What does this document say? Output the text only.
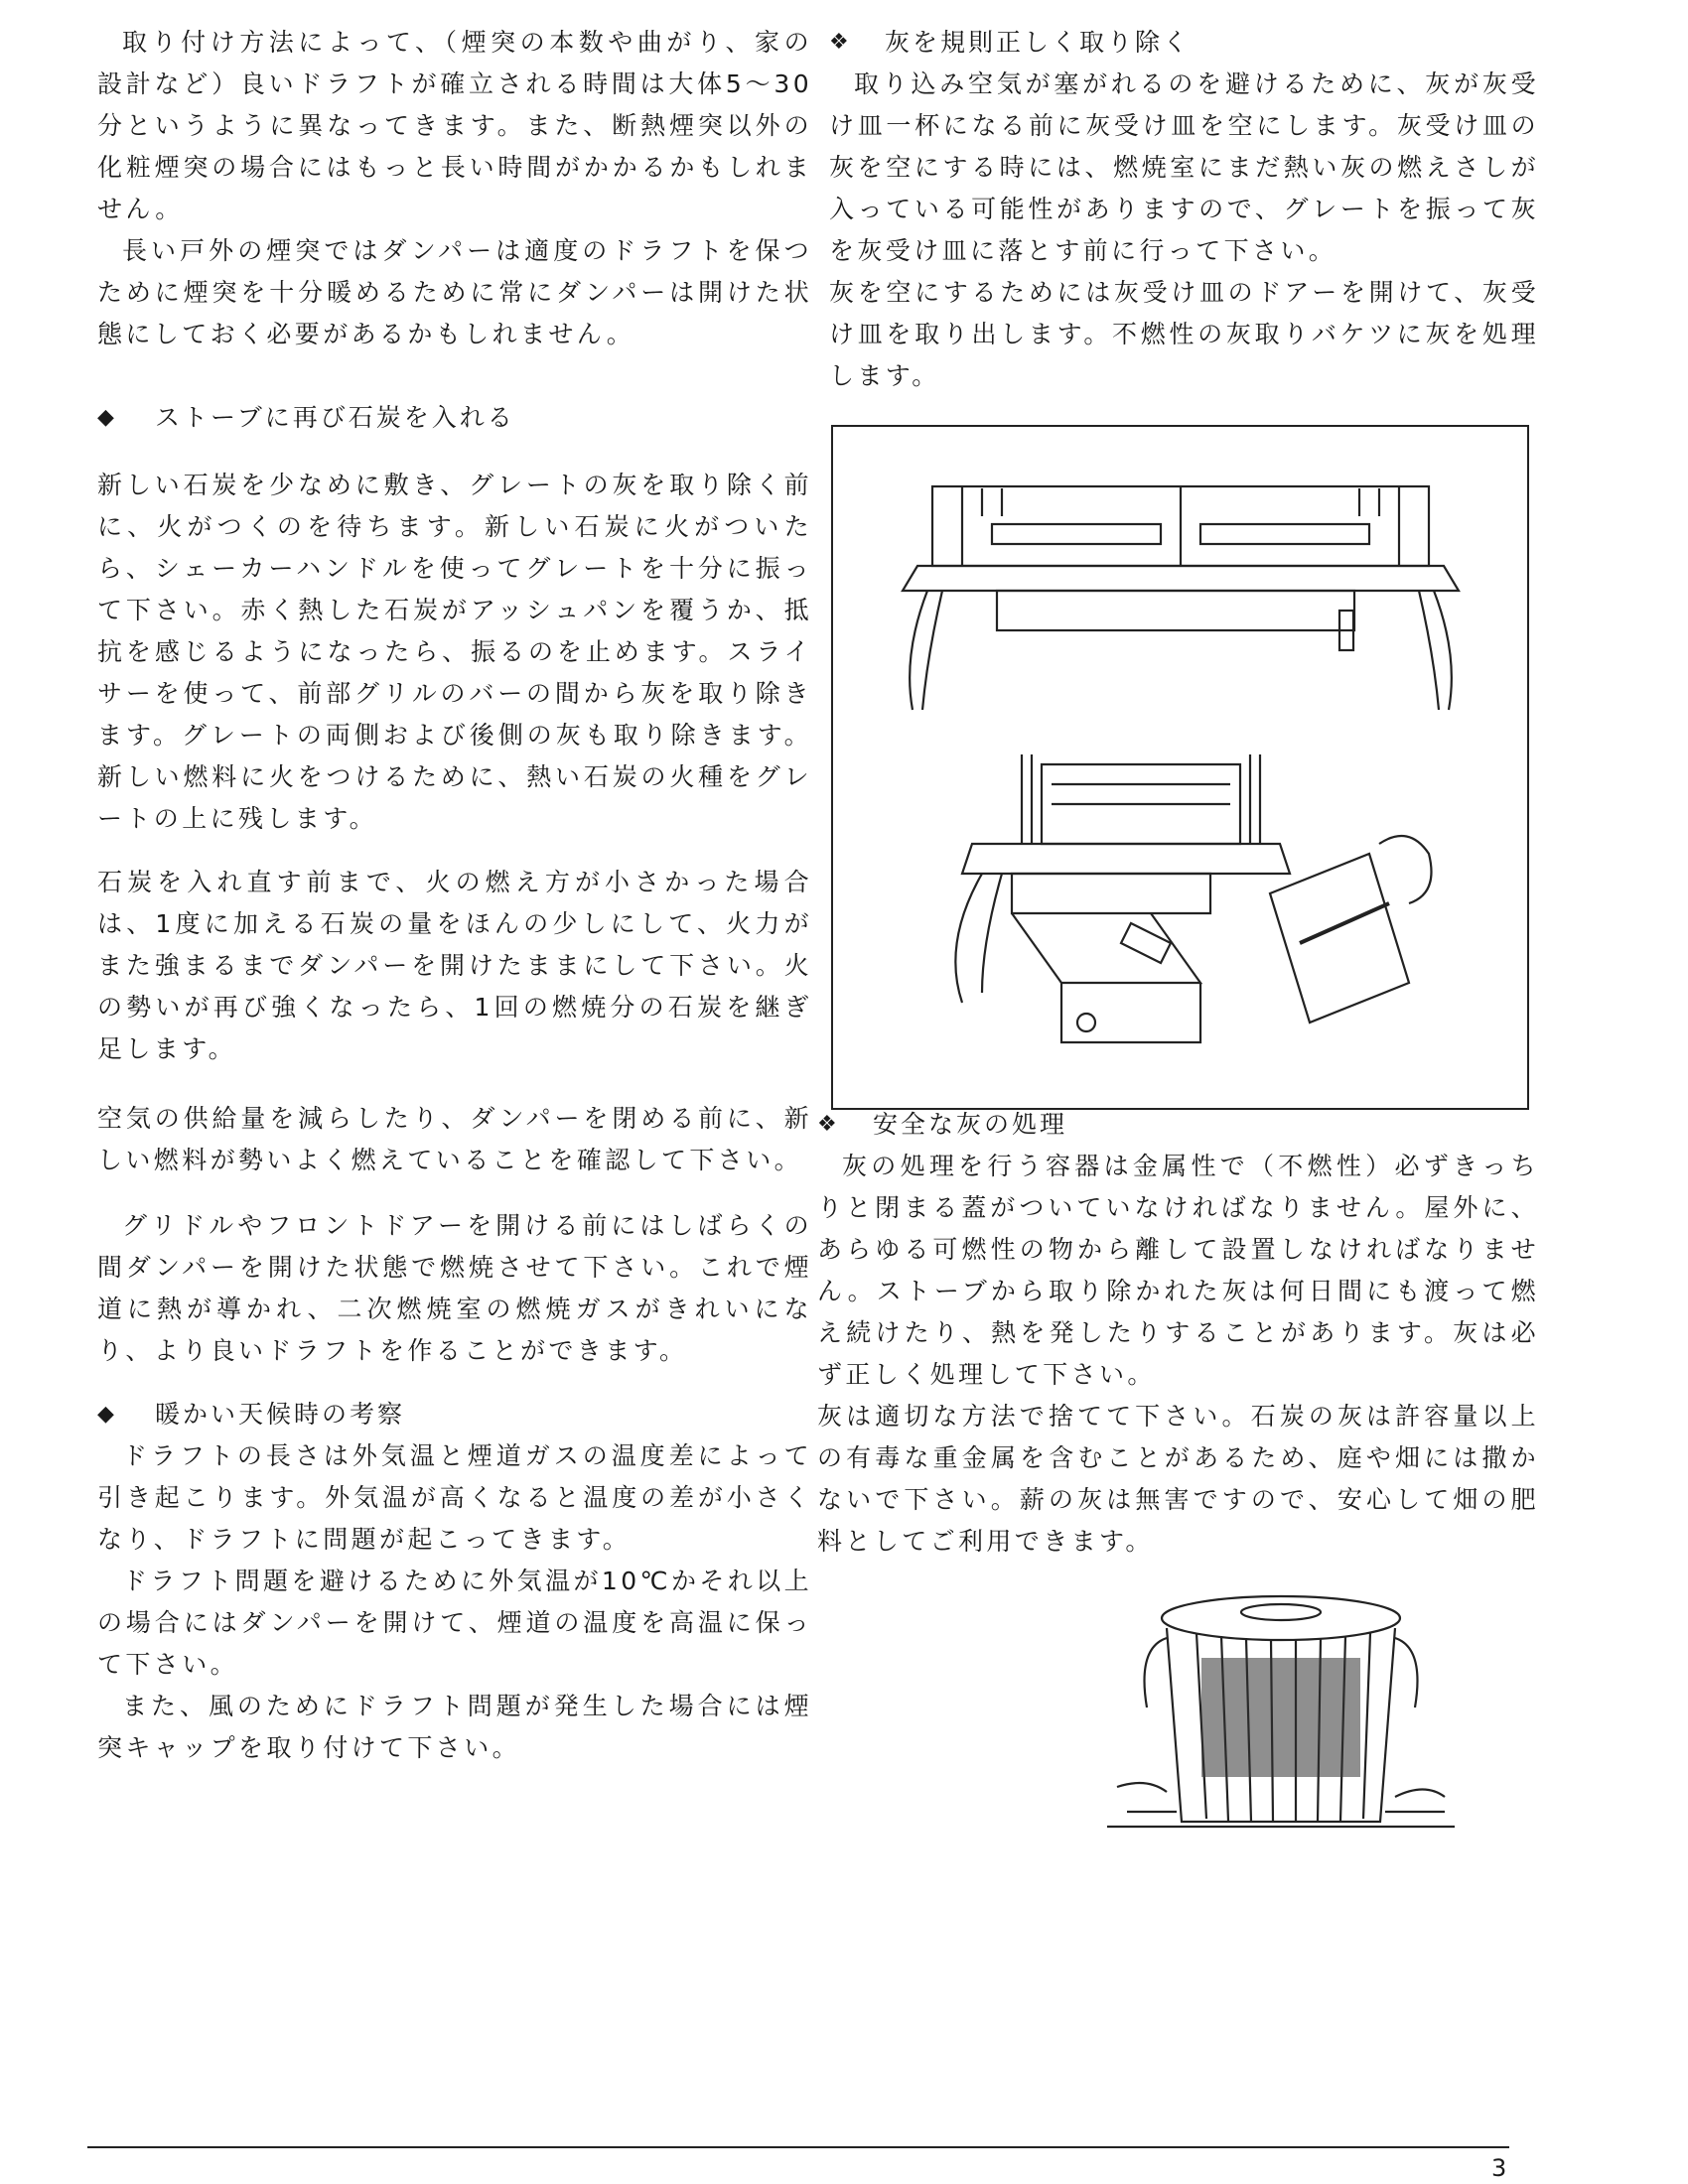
取り付け方法によって、（煙突の本数や曲がり、家の設計など）良いドラフトが確立される時間は大体5～30分というように異なってきます。また、断熱煙突以外の化粧煙突の場合にはもっと長い時間がかかるかもしれません。

長い戸外の煙突ではダンパーは適度のドラフトを保つために煙突を十分暖めるために常にダンパーは開けた状態にしておく必要があるかもしれません。

◆	ストーブに再び石炭を入れる

新しい石炭を少なめに敷き、グレートの灰を取り除く前に、火がつくのを待ちます。新しい石炭に火がついたら、シェーカーハンドルを使ってグレートを十分に振って下さい。赤く熱した石炭がアッシュパンを覆うか、抵抗を感じるようになったら、振るのを止めます。スライサーを使って、前部グリルのバーの間から灰を取り除きます。グレートの両側および後側の灰も取り除きます。新しい燃料に火をつけるために、熱い石炭の火種をグレートの上に残します。

石炭を入れ直す前まで、火の燃え方が小さかった場合は、1度に加える石炭の量をほんの少しにして、火力がまた強まるまでダンパーを開けたままにして下さい。火の勢いが再び強くなったら、1回の燃焼分の石炭を継ぎ足します。

空気の供給量を減らしたり、ダンパーを閉める前に、新しい燃料が勢いよく燃えていることを確認して下さい。

グリドルやフロントドアーを開ける前にはしばらくの間ダンパーを開けた状態で燃焼させて下さい。これで煙道に熱が導かれ、二次燃焼室の燃焼ガスがきれいになり、より良いドラフトを作ることができます。

◆	暖かい天候時の考察

ドラフトの長さは外気温と煙道ガスの温度差によって引き起こります。外気温が高くなると温度の差が小さくなり、ドラフトに問題が起こってきます。

ドラフト問題を避けるために外気温が10℃かそれ以上の場合にはダンパーを開けて、煙道の温度を高温に保って下さい。

また、風のためにドラフト問題が発生した場合には煙突キャップを取り付けて下さい。

❖	灰を規則正しく取り除く

取り込み空気が塞がれるのを避けるために、灰が灰受け皿一杯になる前に灰受け皿を空にします。灰受け皿の灰を空にする時には、燃焼室にまだ熱い灰の燃えさしが入っている可能性がありますので、グレートを振って灰を灰受け皿に落とす前に行って下さい。

灰を空にするためには灰受け皿のドアーを開けて、灰受け皿を取り出します。不燃性の灰取りバケツに灰を処理します。

❖	安全な灰の処理

灰の処理を行う容器は金属性で（不燃性）必ずきっちりと閉まる蓋がついていなければなりません。屋外に、あらゆる可燃性の物から離して設置しなければなりません。ストーブから取り除かれた灰は何日間にも渡って燃え続けたり、熱を発したりすることがあります。灰は必ず正しく処理して下さい。

灰は適切な方法で捨てて下さい。石炭の灰は許容量以上の有毒な重金属を含むことがあるため、庭や畑には撒かないで下さい。薪の灰は無害ですので、安心して畑の肥料としてご利用できます。

3
